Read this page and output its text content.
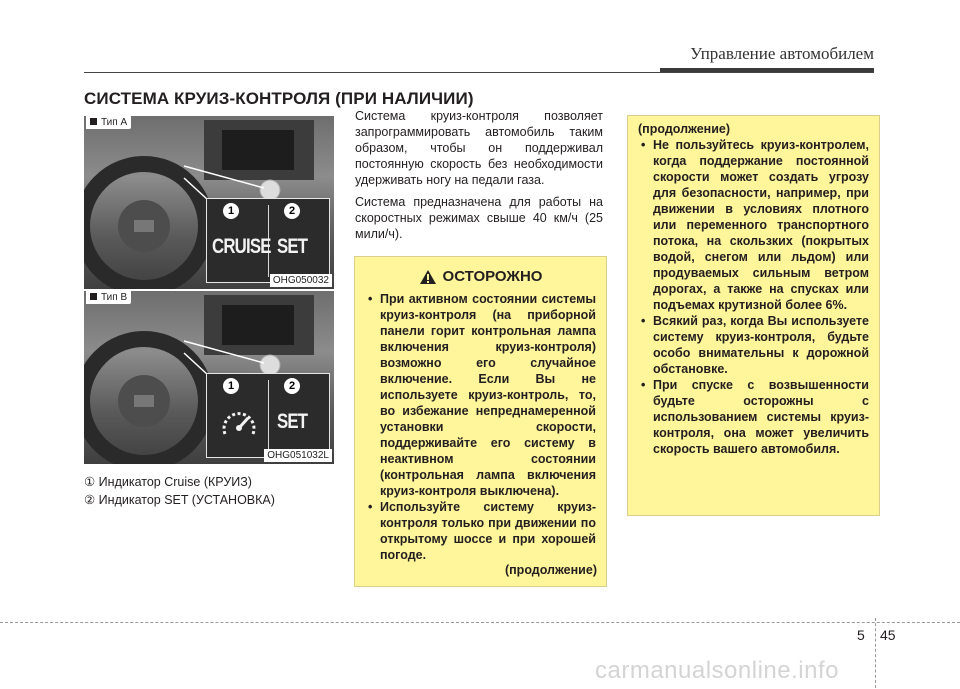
Управление автомобилем
СИСТЕМА КРУИЗ-КОНТРОЛЯ (ПРИ НАЛИЧИИ)
Тип А
1	2
CRUISE SET
OHG050032
Тип В
1	2
SET
OHG051032L
① Индикатор Cruise (КРУИЗ)
② Индикатор SET (УСТАНОВКА)

Система круиз-контроля позволяет запрограммировать автомобиль таким образом, чтобы он поддерживал постоянную скорость без необходимости удерживать ногу на педали газа.

Система предназначена для работы на скоростных режимах свыше 40 км/ч (25 мили/ч).

ОСТОРОЖНО
• При активном состоянии системы круиз-контроля (на приборной панели горит контрольная лампа включения круиз-контроля) возможно его случайное включение. Если Вы не используете круиз-контроль, то, во избежание непреднамеренной установки скорости, поддерживайте его систему в неактивном состоянии (контрольная лампа включения круиз-контроля выключена).
• Используйте систему круиз-контроля только при движении по открытому шоссе и при хорошей погоде.
(продолжение)
(продолжение)
• Не пользуйтесь круиз-контролем, когда поддержание постоянной скорости может создать угрозу для безопасности, например, при движении в условиях плотного или переменного транспортного потока, на скользких (покрытых водой, снегом или льдом) или продуваемых сильным ветром дорогах, а также на спусках или подъемах крутизной более 6%.
• Всякий раз, когда Вы используете систему круиз-контроля, будьте особо внимательны к дорожной обстановке.
• При спуске с возвышенности будьте осторожны с использованием системы круиз-контроля, она может увеличить скорость вашего автомобиля.
5 45
carmanualsonline.info
